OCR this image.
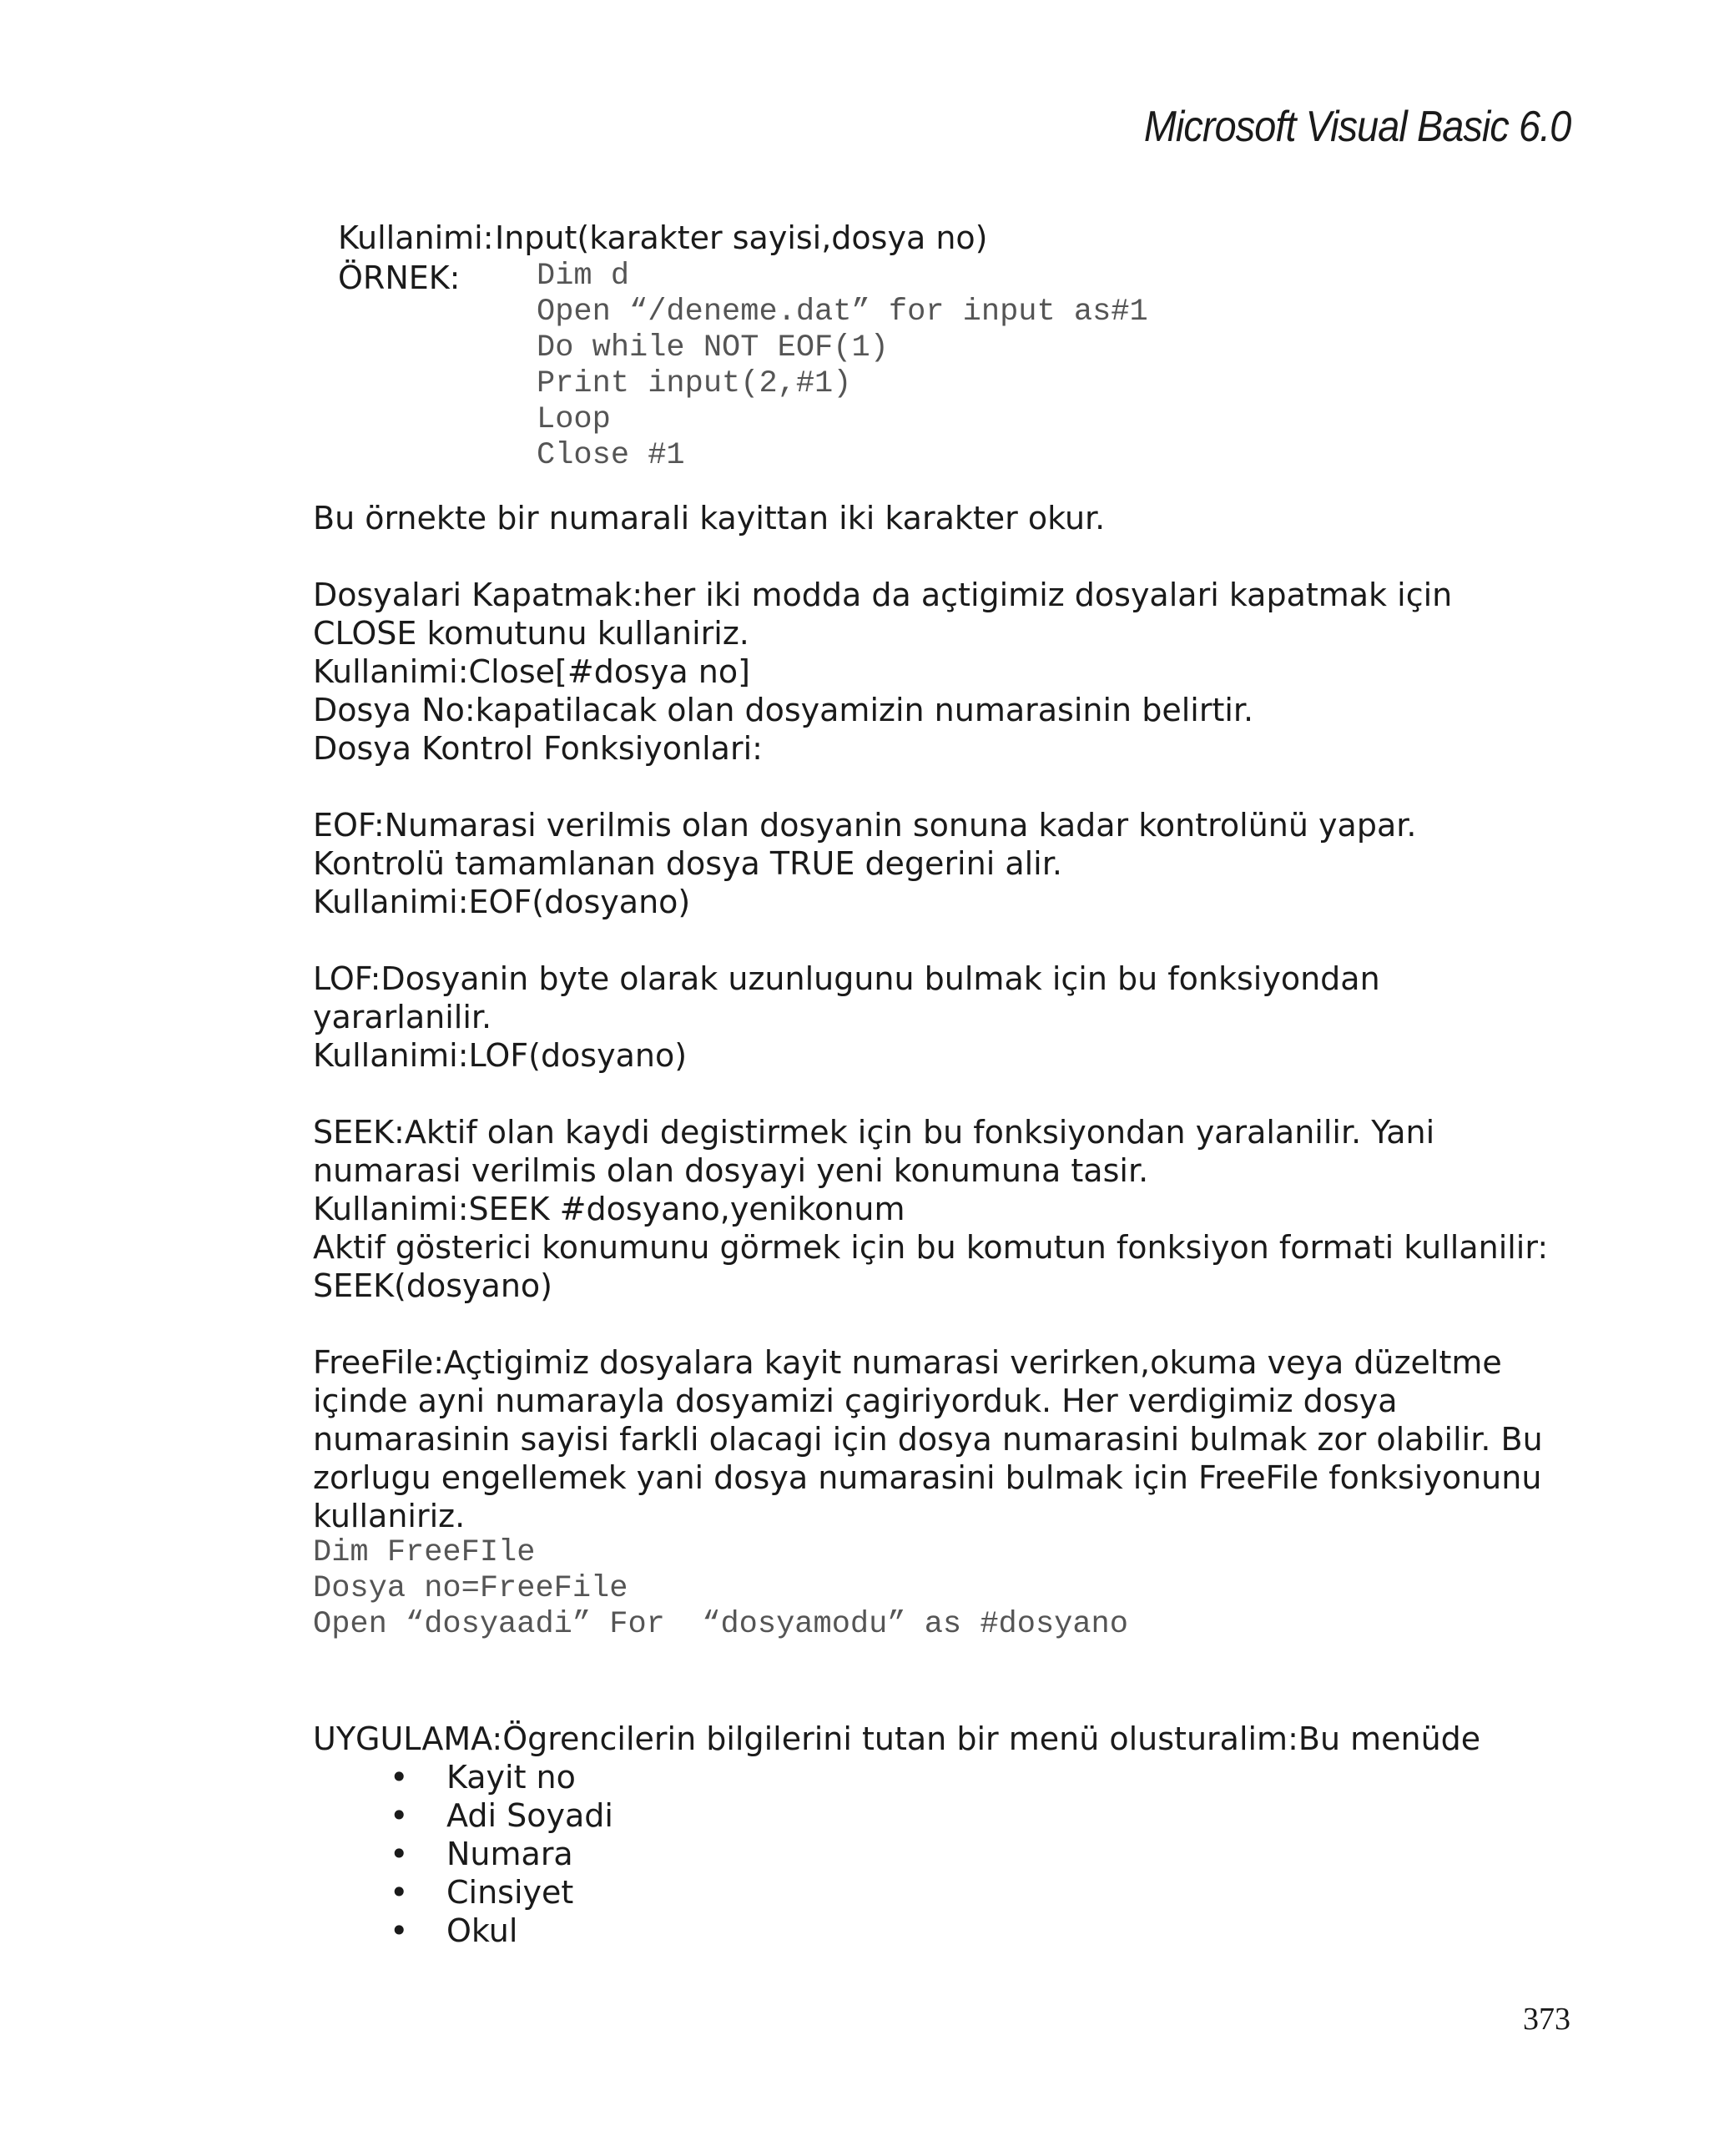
Microsoft Visual Basic 6.0
Kullanimi: Input(karakter sayisi,dosya no)
ÖRNEK:	Dim d
Open “/deneme.dat” for input as#1
Do while NOT EOF(1)
Print input(2,#1)
Loop
Close #1

Bu örnekte bir numarali kayittan iki karakter okur.

Dosyalari Kapatmak:her iki modda da açtigimiz dosyalari kapatmak için

CLOSE komutunu kullaniriz.

Kullanimi:Close[#dosya no]

Dosya No:kapatilacak olan dosyamizin numarasinin belirtir.

Dosya Kontrol Fonksiyonlari:

EOF:Numarasi verilmis olan dosyanin sonuna kadar kontrolünü yapar.

Kontrolü tamamlanan dosya TRUE degerini alir.

Kullanimi:EOF(dosyano)

LOF:Dosyanin byte olarak uzunlugunu bulmak için bu fonksiyondan

yararlanilir.

Kullanimi:LOF(dosyano)

SEEK:Aktif olan kaydi degistirmek için bu fonksiyondan yaralanilir. Yani

numarasi verilmis olan dosyayi yeni konumuna tasir.

Kullanimi:SEEK #dosyano,yenikonum

Aktif gösterici konumunu görmek için bu komutun fonksiyon formati kullanilir:

SEEK(dosyano)

FreeFile:Açtigimiz dosyalara kayit numarasi verirken,okuma veya düzeltme

içinde ayni numarayla dosyamizi çagiriyorduk. Her verdigimiz dosya

numarasinin sayisi farkli olacagi için dosya numarasini bulmak zor olabilir. Bu

zorlugu engellemek yani dosya numarasini bulmak için FreeFile fonksiyonunu

kullaniriz.

Dim FreeFIle
Dosya no=FreeFile
Open “dosyaadi” For  “dosyamodu” as #dosyano

UYGULAMA:Ögrencilerin bilgilerini tutan bir menü olusturalim:Bu menüde

•	Kayit no
•	Adi Soyadi
•	Numara
•	Cinsiyet
•	Okul
373
